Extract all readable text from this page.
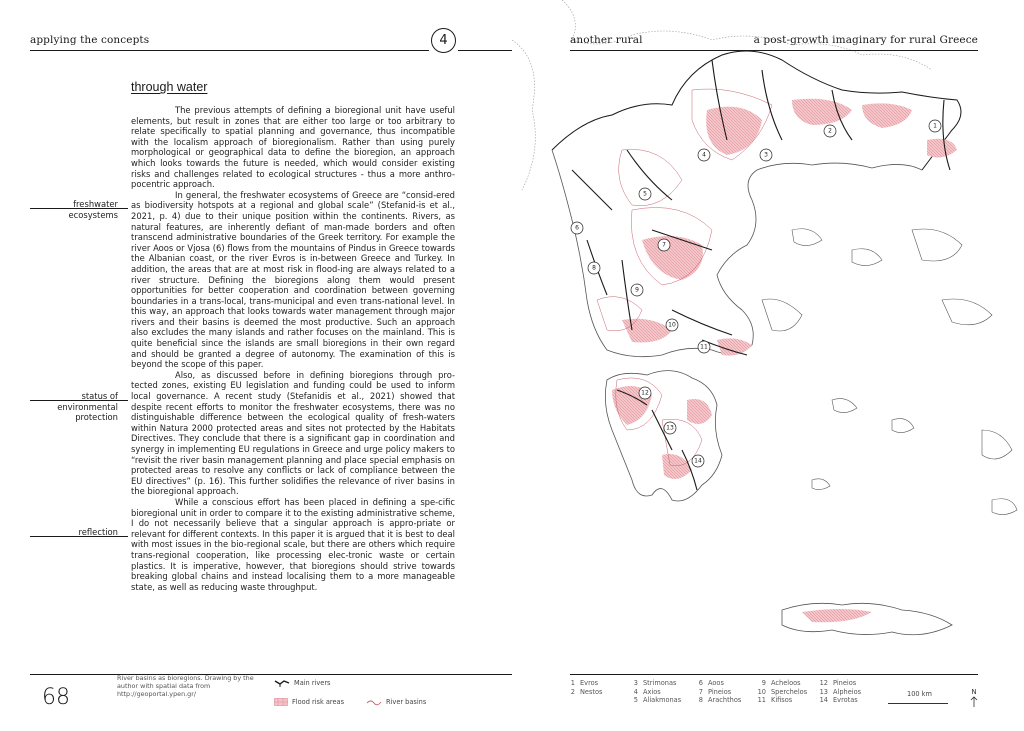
applying the concepts	4
through water

The previous attempts of defining a bioregional unit have useful elements, but result in zones that are either too large or too arbitrary to relate specifically to spatial planning and governance, thus incompatible with the localism approach of bioregionalism. Rather than using purely morphological or geographical data to define the bioregion, an approach which looks towards the future is needed, which would consider existing risks and challenges related to ecological structures - thus a more anthro-pocentric approach.

In general, the freshwater ecosystems of Greece are “consid-ered as biodiversity hotspots at a regional and global scale” (Stefanid-is et al., 2021, p. 4) due to their unique position within the continents. Rivers, as natural features, are inherently defiant of man-made borders and often transcend administrative boundaries of the Greek territory. For example the river Aoos or Vjosa (6) flows from the mountains of Pindus in Greece towards the Albanian coast, or the river Evros is in-between Greece and Turkey. In addition, the areas that are at most risk in flood-ing are always related to a river structure. Defining the bioregions along them would present opportunities for better cooperation and coordination between governing boundaries in a trans-local, trans-municipal and even trans-national level. In this way, an approach that looks towards water management through major rivers and their basins is deemed the most productive. Such an approach also excludes the many islands and rather focuses on the mainland. This is quite beneficial since the islands are small bioregions in their own regard and should be granted a degree of autonomy. The examination of this is beyond the scope of this paper.

Also, as discussed before in defining bioregions through pro-tected zones, existing EU legislation and funding could be used to inform local governance. A recent study (Stefanidis et al., 2021) showed that despite recent efforts to monitor the freshwater ecosystems, there was no distinguishable difference between the ecological quality of fresh-waters within Natura 2000 protected areas and sites not protected by the Habitats Directives. They conclude that there is a significant gap in coordination and synergy in implementing EU regulations in Greece and urge policy makers to “revisit the river basin management planning and place special emphasis on protected areas to resolve any conflicts or lack of compliance between the EU directives” (p. 16). This further solidifies the relevance of river basins in the bioregional approach.

While a conscious effort has been placed in defining a spe-cific bioregional unit in order to compare it to the existing administrative scheme, I do not necessarily believe that a singular approach is appro-priate or relevant for different contexts. In this paper it is argued that it is best to deal with most issues in the bio-regional scale, but there are others which require trans-regional cooperation, like processing elec-tronic waste or certain plastics. It is imperative, however, that bioregions should strive towards breaking global chains and instead localising them to a more manageable state, as well as reducing waste throughput.

freshwater
ecosystems
status of
environmental
protection
reflection
68
River basins as bioregions. Drawing by the author with spatial data from http://geoportal.ypen.gr/
Main rivers
Flood risk areas	River basins
1
2
3
4
5
6
7
8
9
10
11
12
13
14
another rural	a post-growth imaginary for rural Greece
1 Evros
2 Nestos
3 Strimonas
4 Axios
5 Aliakmonas
6 Aoos
7 Pineios
8 Arachthos
9 Acheloos
10 Sperchelos
11 Kifisos
12 Pineios
13 Alpheios
14 Evrotas
100 km	N
